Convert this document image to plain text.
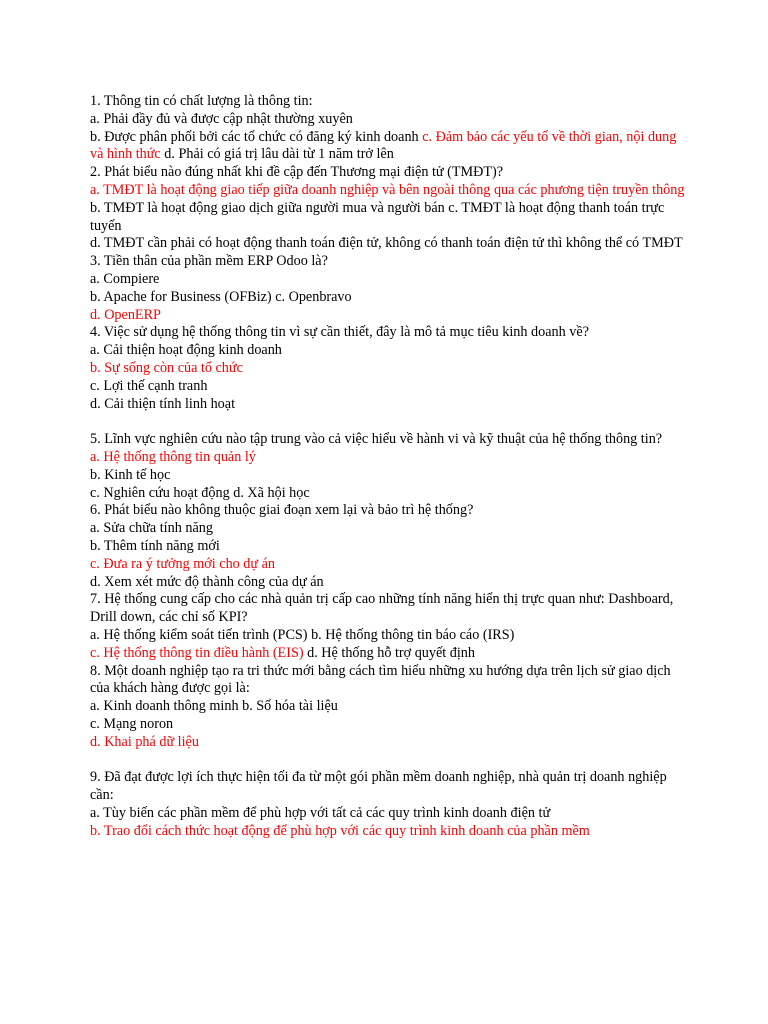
1. Thông tin có chất lượng là thông tin:
a. Phải đầy đủ và được cập nhật thường xuyên
b. Được phân phối bởi các tổ chức có đăng ký kinh doanh c. Đảm bảo các yếu tố về thời gian, nội dung và hình thức d. Phải có giá trị lâu dài từ 1 năm trở lên
2. Phát biểu nào đúng nhất khi đề cập đến Thương mại điện tử (TMĐT)?
a. TMĐT là hoạt động giao tiếp giữa doanh nghiệp và bên ngoài thông qua các phương tiện truyền thông
b. TMĐT là hoạt động giao dịch giữa người mua và người bán c. TMĐT là hoạt động thanh toán trực tuyến
d. TMĐT cần phải có hoạt động thanh toán điện tử, không có thanh toán điện tử thì không thể có TMĐT
3. Tiền thân của phần mềm ERP Odoo là?
a. Compiere
b. Apache for Business (OFBiz) c. Openbravo
d. OpenERP
4. Việc sử dụng hệ thống thông tin vì sự cần thiết, đây là mô tả mục tiêu kinh doanh về?
a. Cải thiện hoạt động kinh doanh
b. Sự sống còn của tổ chức
c. Lợi thế cạnh tranh
d. Cải thiện tính linh hoạt
5. Lĩnh vực nghiên cứu nào tập trung vào cả việc hiểu về hành vi và kỹ thuật của hệ thống thông tin?
a. Hệ thống thông tin quản lý
b. Kinh tế học
c. Nghiên cứu hoạt động d. Xã hội học
6. Phát biểu nào không thuộc giai đoạn xem lại và bảo trì hệ thống?
a. Sửa chữa tính năng
b. Thêm tính năng mới
c. Đưa ra ý tưởng mới cho dự án
d. Xem xét mức độ thành công của dự án
7. Hệ thống cung cấp cho các nhà quản trị cấp cao những tính năng hiển thị trực quan như: Dashboard, Drill down, các chỉ số KPI?
a. Hệ thống kiểm soát tiến trình (PCS) b. Hệ thống thông tin báo cáo (IRS)
c. Hệ thống thông tin điều hành (EIS) d. Hệ thống hỗ trợ quyết định
8. Một doanh nghiệp tạo ra tri thức mới bằng cách tìm hiểu những xu hướng dựa trên lịch sử giao dịch của khách hàng được gọi là:
a. Kinh doanh thông minh b. Số hóa tài liệu
c. Mạng noron
d. Khai phá dữ liệu
9. Đã đạt được lợi ích thực hiện tối đa từ một gói phần mềm doanh nghiệp, nhà quản trị doanh nghiệp cần:
a. Tùy biến các phần mềm để phù hợp với tất cả các quy trình kinh doanh điện tử
b. Trao đổi cách thức hoạt động để phù hợp với các quy trình kinh doanh của phần mềm
